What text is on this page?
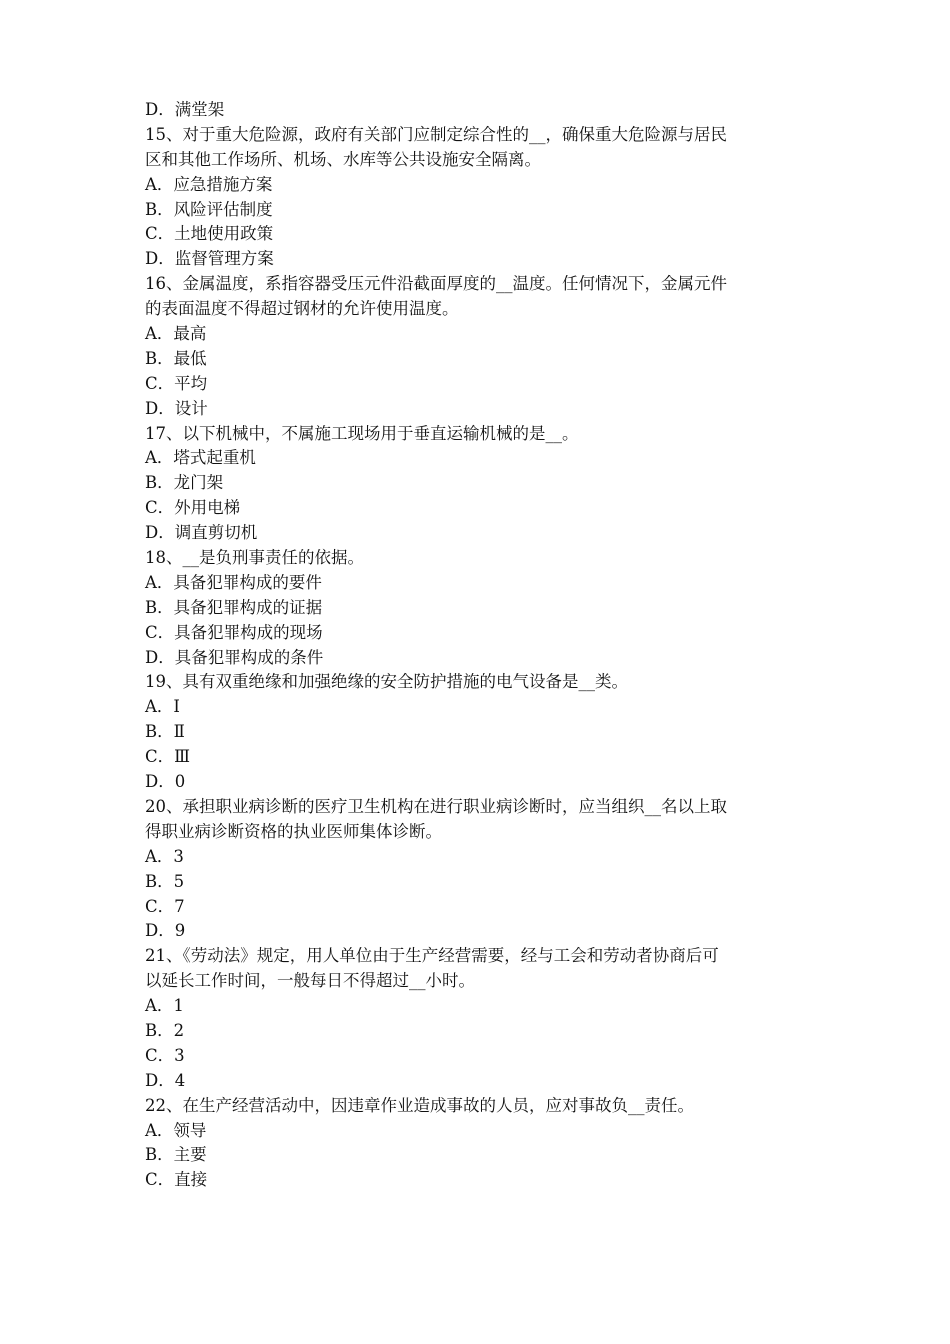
D．满堂架
15、对于重大危险源，政府有关部门应制定综合性的__，确保重大危险源与居民
区和其他工作场所、机场、水库等公共设施安全隔离。
A．应急措施方案
B．风险评估制度
C．土地使用政策
D．监督管理方案
16、金属温度，系指容器受压元件沿截面厚度的__温度。任何情况下，金属元件
的表面温度不得超过钢材的允许使用温度。
A．最高
B．最低
C．平均
D．设计
17、以下机械中，不属施工现场用于垂直运输机械的是__。
A．塔式起重机
B．龙门架
C．外用电梯
D．调直剪切机
18、__是负刑事责任的依据。
A．具备犯罪构成的要件
B．具备犯罪构成的证据
C．具备犯罪构成的现场
D．具备犯罪构成的条件
19、具有双重绝缘和加强绝缘的安全防护措施的电气设备是__类。
A．Ⅰ
B．Ⅱ
C．Ⅲ
D．0
20、承担职业病诊断的医疗卫生机构在进行职业病诊断时，应当组织__名以上取
得职业病诊断资格的执业医师集体诊断。
A．3
B．5
C．7
D．9
21、《劳动法》规定，用人单位由于生产经营需要，经与工会和劳动者协商后可
以延长工作时间，一般每日不得超过__小时。
A．1
B．2
C．3
D．4
22、在生产经营活动中，因违章作业造成事故的人员，应对事故负__责任。
A．领导
B．主要
C．直接
